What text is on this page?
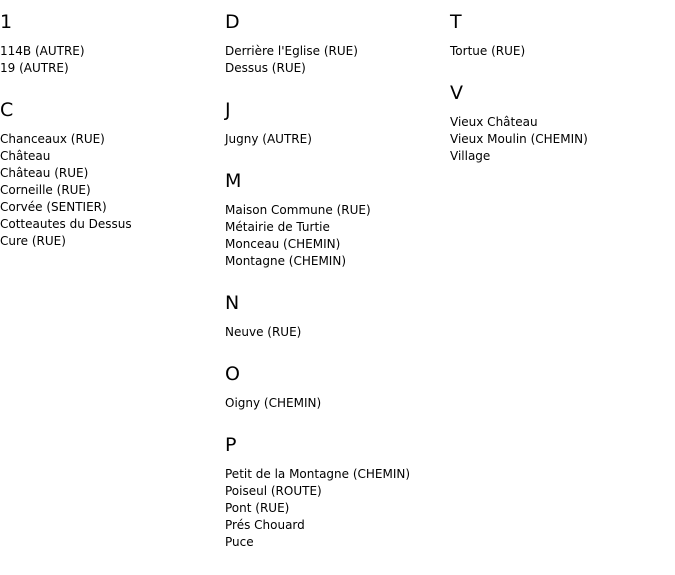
1
114B (AUTRE)
19 (AUTRE)
C
Chanceaux (RUE)
Château
Château (RUE)
Corneille (RUE)
Corvée (SENTIER)
Cotteautes du Dessus
Cure (RUE)
D
Derrière l'Eglise (RUE)
Dessus (RUE)
J
Jugny (AUTRE)
M
Maison Commune (RUE)
Métairie de Turtie
Monceau (CHEMIN)
Montagne (CHEMIN)
N
Neuve (RUE)
O
Oigny (CHEMIN)
P
Petit de la Montagne (CHEMIN)
Poiseul (ROUTE)
Pont (RUE)
Prés Chouard
Puce
T
Tortue (RUE)
V
Vieux Château
Vieux Moulin (CHEMIN)
Village
